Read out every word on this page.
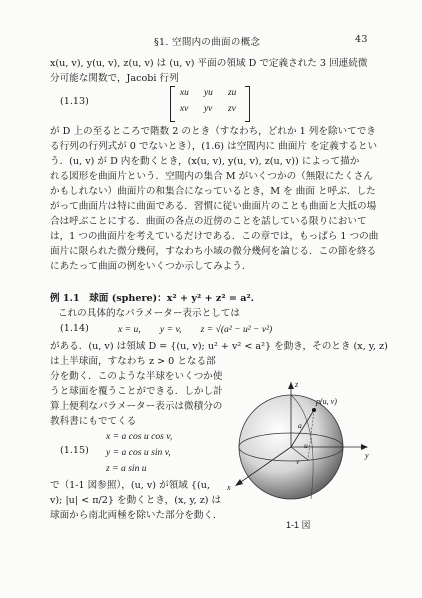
§1. 空間内の曲面の概念	43
x(u, v), y(u, v), z(u, v) は (u, v) 平面の領域 D で定義された 3 回連続微
分可能な関数で，Jacobi 行列
(1.13)
xu yu zu
xv yv zv
が D 上の至るところで階数 2 のとき（すなわち，どれか 1 列を除いてでき
る行列の行列式が 0 でないとき），(1.6) は空間内に 曲面片 を定義するとい
う．(u, v) が D 内を動くとき，(x(u, v), y(u, v), z(u, v)) によって描か
れる図形を曲面片という．空間内の集合 M がいくつかの（無限にたくさん
かもしれない）曲面片の和集合になっているとき，M を 曲面 と呼ぶ．した
がって曲面片は特に曲面である．習慣に従い曲面片のことも曲面と大抵の場
合は呼ぶことにする．曲面の各点の近傍のことを話している限りにおいて
は，1 つの曲面片を考えているだけである．この章では，もっぱら 1 つの曲
面片に限られた微分幾何，すなわち小域の微分幾何を論じる．この節を終る
にあたって曲面の例をいくつか示してみよう．
例 1.1　球面 (sphere)：x² + y² + z² = a².
これの具体的なパラメーター表示としては
(1.14)	x = u,　　y = v,　　z = √(a² − u² − v²)
がある．(u, v) は領域 D = {(u, v); u² + v² < a²} を動き，そのとき (x, y, z)
は上半球面，すなわち z > 0 となる部
分を動く．このような半球をいくつか使
うと球面を覆うことができる．しかし計
算上便利なパラメーター表示は微積分の
教科書にもでてくる
(1.15)
x = a cos u cos v,
y = a cos u sin v,
z = a sin u
で（1-1 図参照），(u, v) が領域 {(u,
v); |u| < π/2} を動くとき，(x, y, z) は
球面から南北両極を除いた部分を動く．
p(u, v)
z
y
x
a
u
v
1-1 図
